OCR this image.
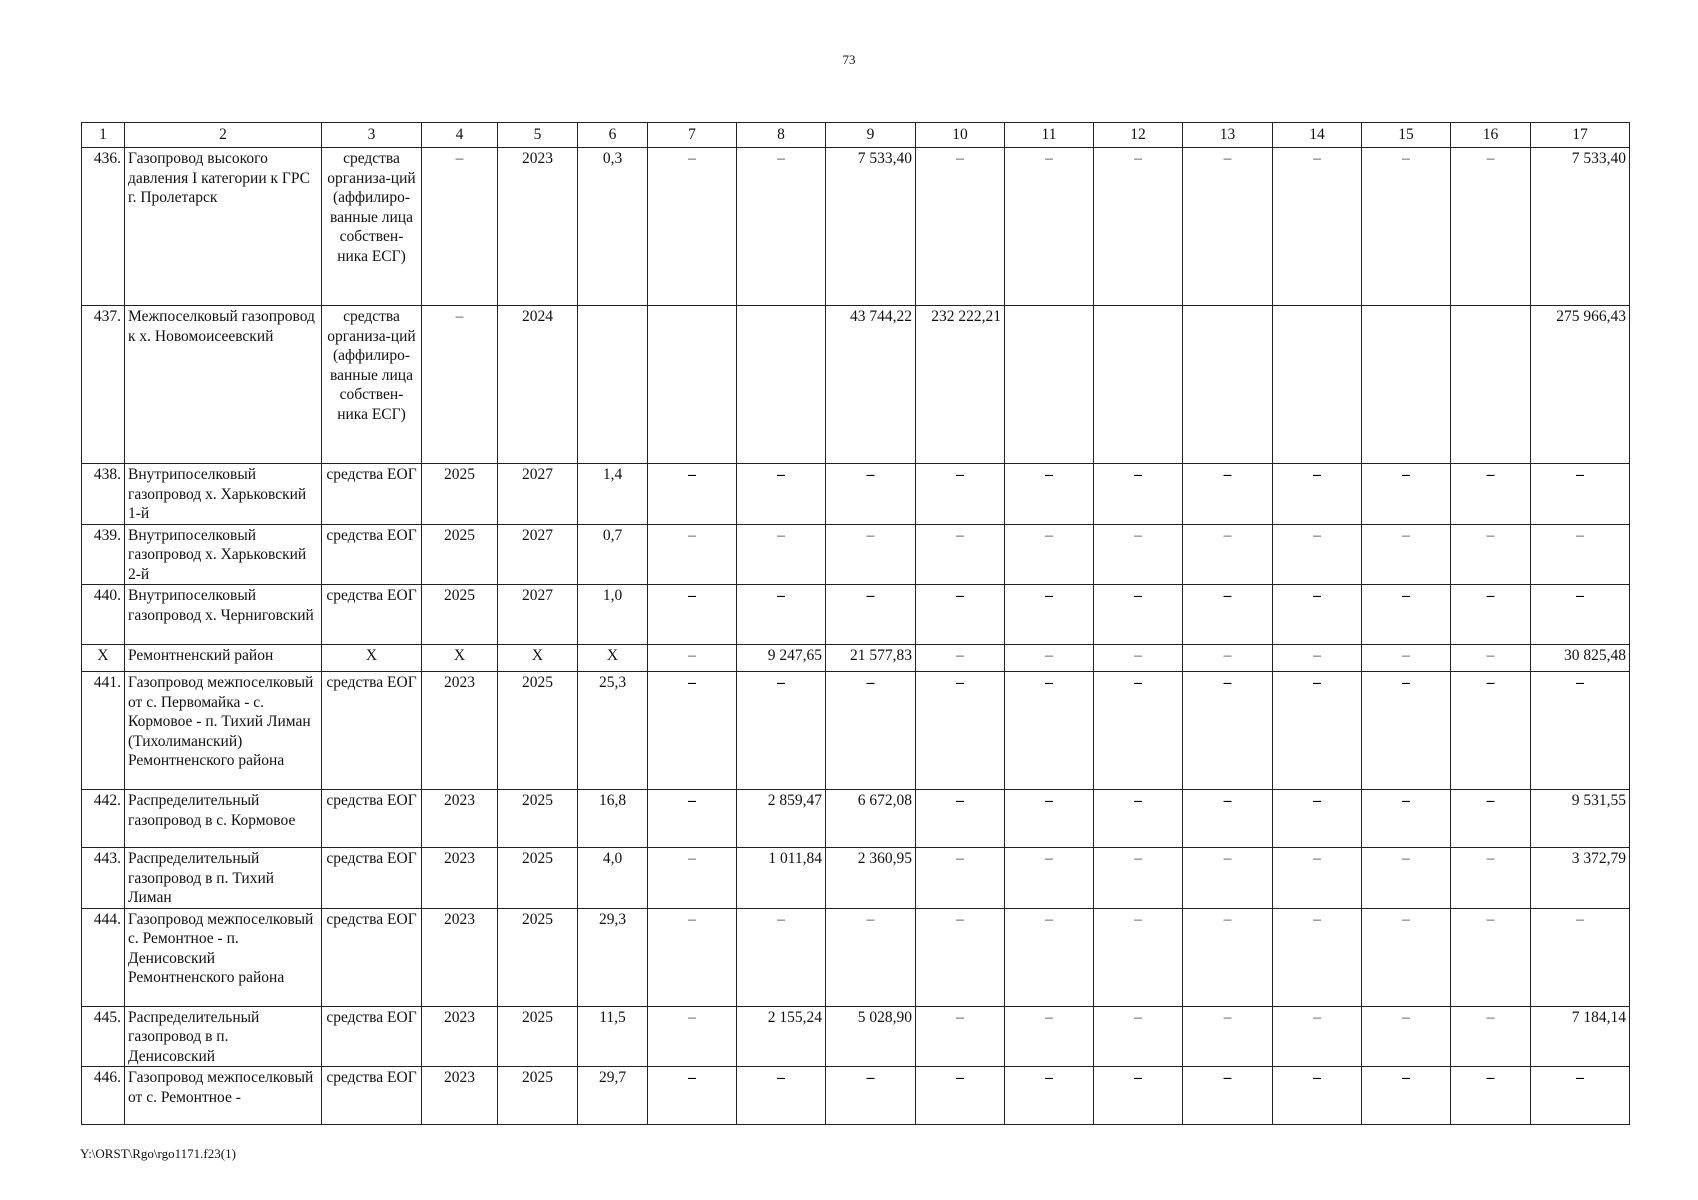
73
1	2	3	4	5	6	7	8	9	10	11	12	13	14	15	16	17
436.	Газопровод высокого давления I категории к ГРС г. Пролетарск	средства организа-ций (аффилиро-ванные лица собствен-ника ЕСГ)	–	2023	0,3	–	–	7 533,40	–	–	–	–	–	–	–	7 533,40
437.	Межпоселковый газопровод к х. Новомоисеевский	средства организа-ций (аффилиро-ванные лица собствен-ника ЕСГ)	–	2024				43 744,22	232 222,21							275 966,43
438.	Внутрипоселковый газопровод х. Харьковский 1-й	средства ЕОГ	2025	2027	1,4	–	–	–	–	–	–	–	–	–	–	–
439.	Внутрипоселковый газопровод х. Харьковский 2-й	средства ЕОГ	2025	2027	0,7	–	–	–	–	–	–	–	–	–	–	–
440.	Внутрипоселковый газопровод х. Черниговский	средства ЕОГ	2025	2027	1,0	–	–	–	–	–	–	–	–	–	–	–
Х	Ремонтненский район	Х	Х	Х	Х	–	9 247,65	21 577,83	–	–	–	–	–	–	–	30 825,48
441.	Газопровод межпоселковый от с. Первомайка - с. Кормовое - п. Тихий Лиман (Тихолиманский) Ремонтненского района	средства ЕОГ	2023	2025	25,3	–	–	–	–	–	–	–	–	–	–	–
442.	Распределительный газопровод в с. Кормовое	средства ЕОГ	2023	2025	16,8	–	2 859,47	6 672,08	–	–	–	–	–	–	–	9 531,55
443.	Распределительный газопровод в п. Тихий Лиман	средства ЕОГ	2023	2025	4,0	–	1 011,84	2 360,95	–	–	–	–	–	–	–	3 372,79
444.	Газопровод межпоселковый с. Ремонтное - п. Денисовский Ремонтненского района	средства ЕОГ	2023	2025	29,3	–	–	–	–	–	–	–	–	–	–	–
445.	Распределительный газопровод в п. Денисовский	средства ЕОГ	2023	2025	11,5	–	2 155,24	5 028,90	–	–	–	–	–	–	–	7 184,14
446.	Газопровод межпоселковый от с. Ремонтное -	средства ЕОГ	2023	2025	29,7	–	–	–	–	–	–	–	–	–	–	–
Y:\ORST\Rgo\rgo1171.f23(1)
